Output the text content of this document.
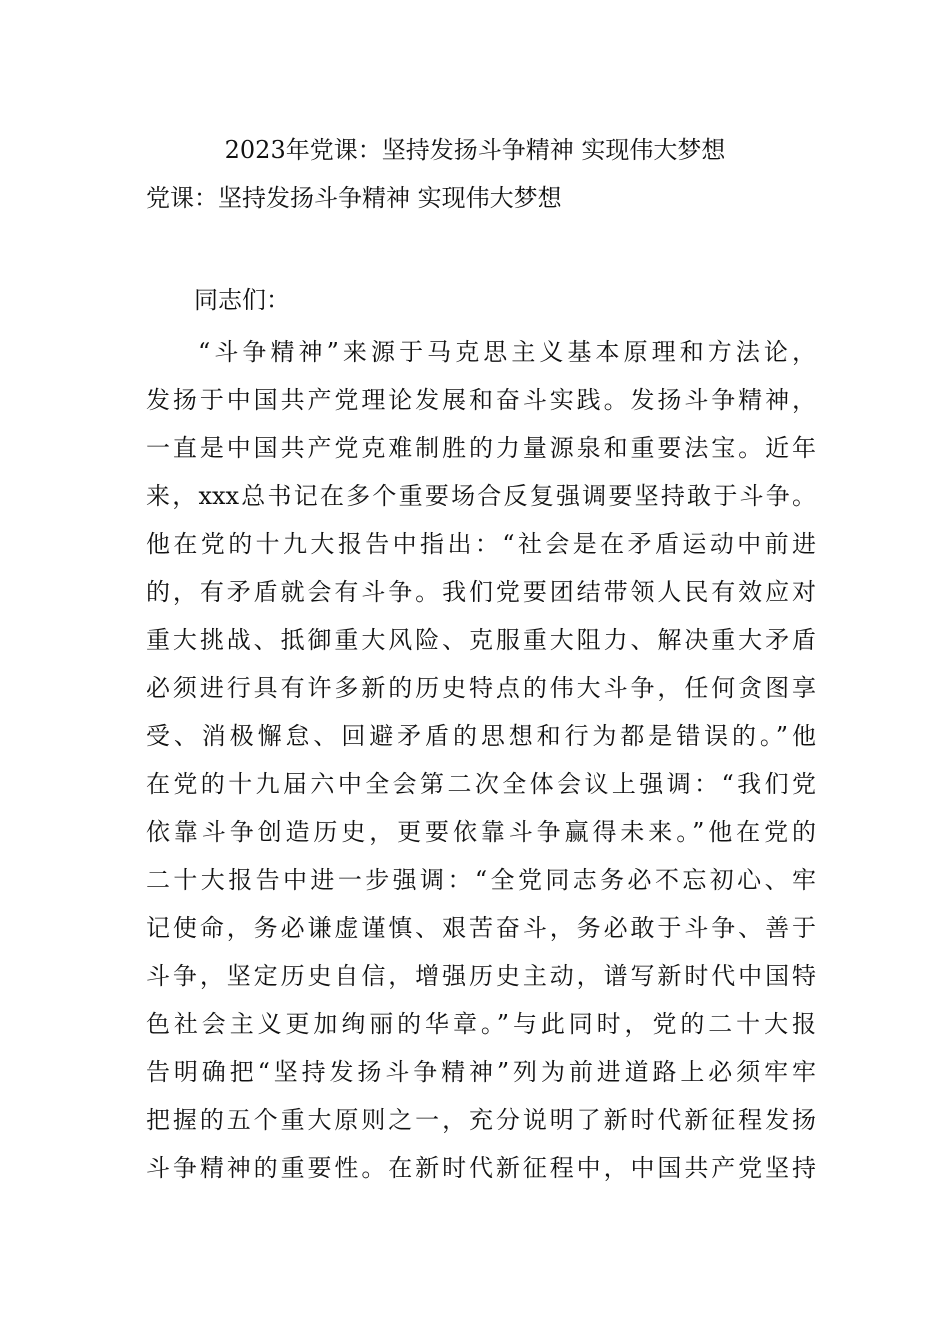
2023年党课：坚持发扬斗争精神 实现伟大梦想
党课：坚持发扬斗争精神 实现伟大梦想
同志们：
“斗争精神”来源于马克思主义基本原理和方法论，
发扬于中国共产党理论发展和奋斗实践。发扬斗争精神，
一直是中国共产党克难制胜的力量源泉和重要法宝。近年
来，xxx总书记在多个重要场合反复强调要坚持敢于斗争。
他在党的十九大报告中指出：“社会是在矛盾运动中前进
的，有矛盾就会有斗争。我们党要团结带领人民有效应对
重大挑战、抵御重大风险、克服重大阻力、解决重大矛盾
必须进行具有许多新的历史特点的伟大斗争，任何贪图享
受、消极懈怠、回避矛盾的思想和行为都是错误的。”他
在党的十九届六中全会第二次全体会议上强调：“我们党
依靠斗争创造历史，更要依靠斗争赢得未来。”他在党的
二十大报告中进一步强调：“全党同志务必不忘初心、牢
记使命，务必谦虚谨慎、艰苦奋斗，务必敢于斗争、善于
斗争，坚定历史自信，增强历史主动，谱写新时代中国特
色社会主义更加绚丽的华章。”与此同时，党的二十大报
告明确把“坚持发扬斗争精神”列为前进道路上必须牢牢
把握的五个重大原则之一，充分说明了新时代新征程发扬
斗争精神的重要性。在新时代新征程中，中国共产党坚持
